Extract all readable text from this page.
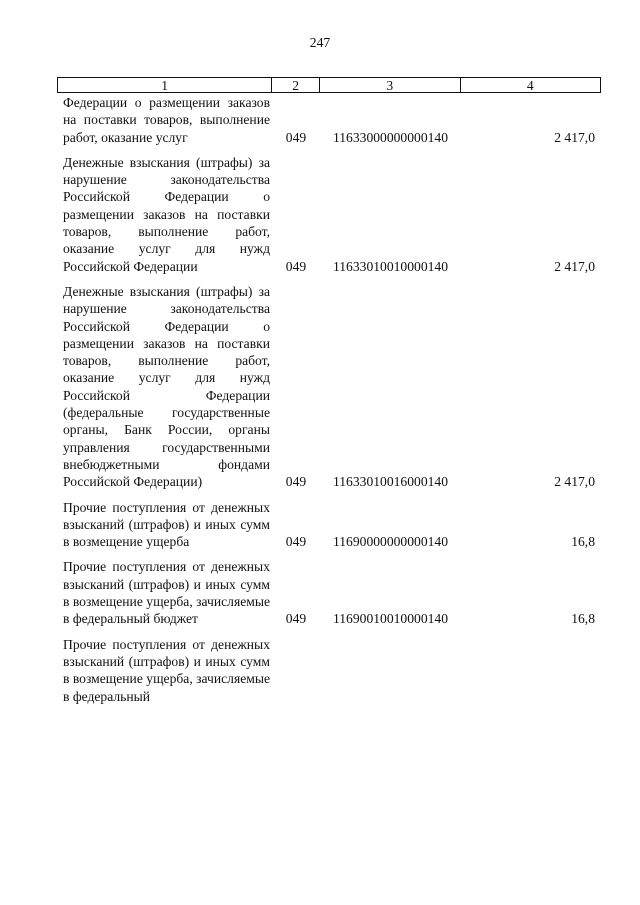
247
1	2	3	4
Федерации о размещении заказов на поставки товаров, выполнение работ, оказание услуг	049	11633000000000140	2 417,0
Денежные взыскания (штрафы) за нарушение законодательства Российской Федерации о размещении заказов на поставки товаров, выполнение работ, оказание услуг для нужд Российской Федерации	049	11633010010000140	2 417,0
Денежные взыскания (штрафы) за нарушение законодательства Российской Федерации о размещении заказов на поставки товаров, выполнение работ, оказание услуг для нужд Российской Федерации (федеральные государственные органы, Банк России, органы управления государственными внебюджетными фондами Российской Федерации)	049	11633010016000140	2 417,0
Прочие поступления от денежных взысканий (штрафов) и иных сумм в возмещение ущерба	049	11690000000000140	16,8
Прочие поступления от денежных взысканий (штрафов) и иных сумм в возмещение ущерба, зачисляемые в федеральный бюджет	049	11690010010000140	16,8
Прочие поступления от денежных взысканий (штрафов) и иных сумм в возмещение ущерба, зачисляемые в федеральный
